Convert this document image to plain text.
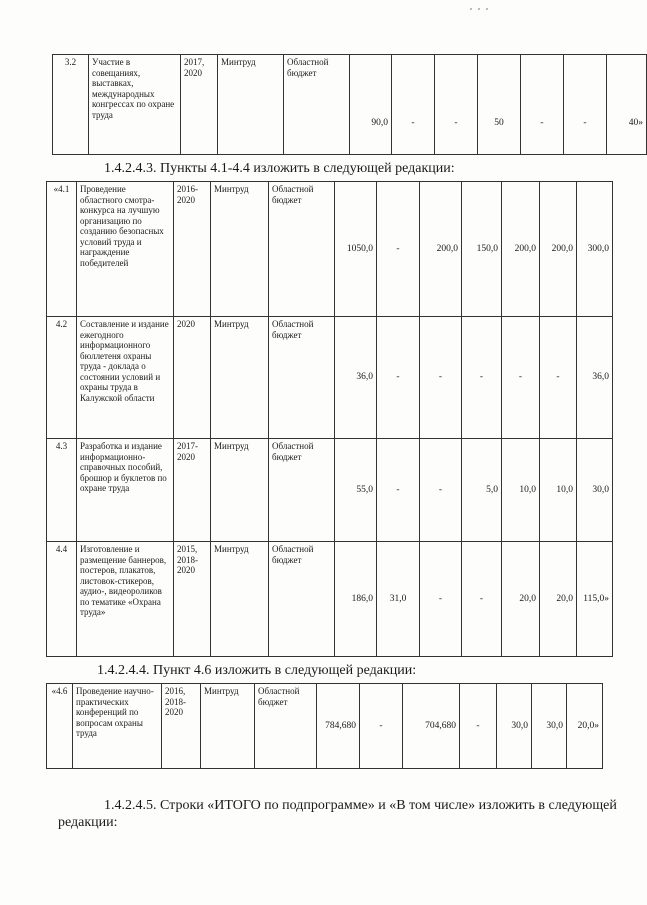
3.2	Участие в совещаниях, выставках, международных конгрессах по охране труда	2017, 2020	Минтруд	Областной бюджет	90,0	-	-	50	-	-	40»
1.4.2.4.3. Пункты 4.1-4.4 изложить в следующей редакции:
«4.1	Проведение областного смотра-конкурса на лучшую организацию по созданию безопасных условий труда и награждение победителей	2016-2020	Минтруд	Областной бюджет	1050,0	-	200,0	150,0	200,0	200,0	300,0
4.2	Составление и издание ежегодного информационного бюллетеня охраны труда - доклада о состоянии условий и охраны труда в Калужской области	2020	Минтруд	Областной бюджет	36,0	-	-	-	-	-	36,0
4.3	Разработка и издание информационно-справочных пособий, брошюр и буклетов по охране труда	2017-2020	Минтруд	Областной бюджет	55,0	-	-	5,0	10,0	10,0	30,0
4.4	Изготовление и размещение баннеров, постеров, плакатов, листовок-стикеров, аудио-, видеороликов по тематике «Охрана труда»	2015, 2018-2020	Минтруд	Областной бюджет	186,0	31,0	-	-	20,0	20,0	115,0»
1.4.2.4.4. Пункт 4.6 изложить в следующей редакции:
«4.6	Проведение научно-практических конференций по вопросам охраны труда	2016, 2018-2020	Минтруд	Областной бюджет	784,680	-	704,680	-	30,0	30,0	20,0»
1.4.2.4.5. Строки «ИТОГО по подпрограмме» и «В том числе» изложить в следующей
редакции:
